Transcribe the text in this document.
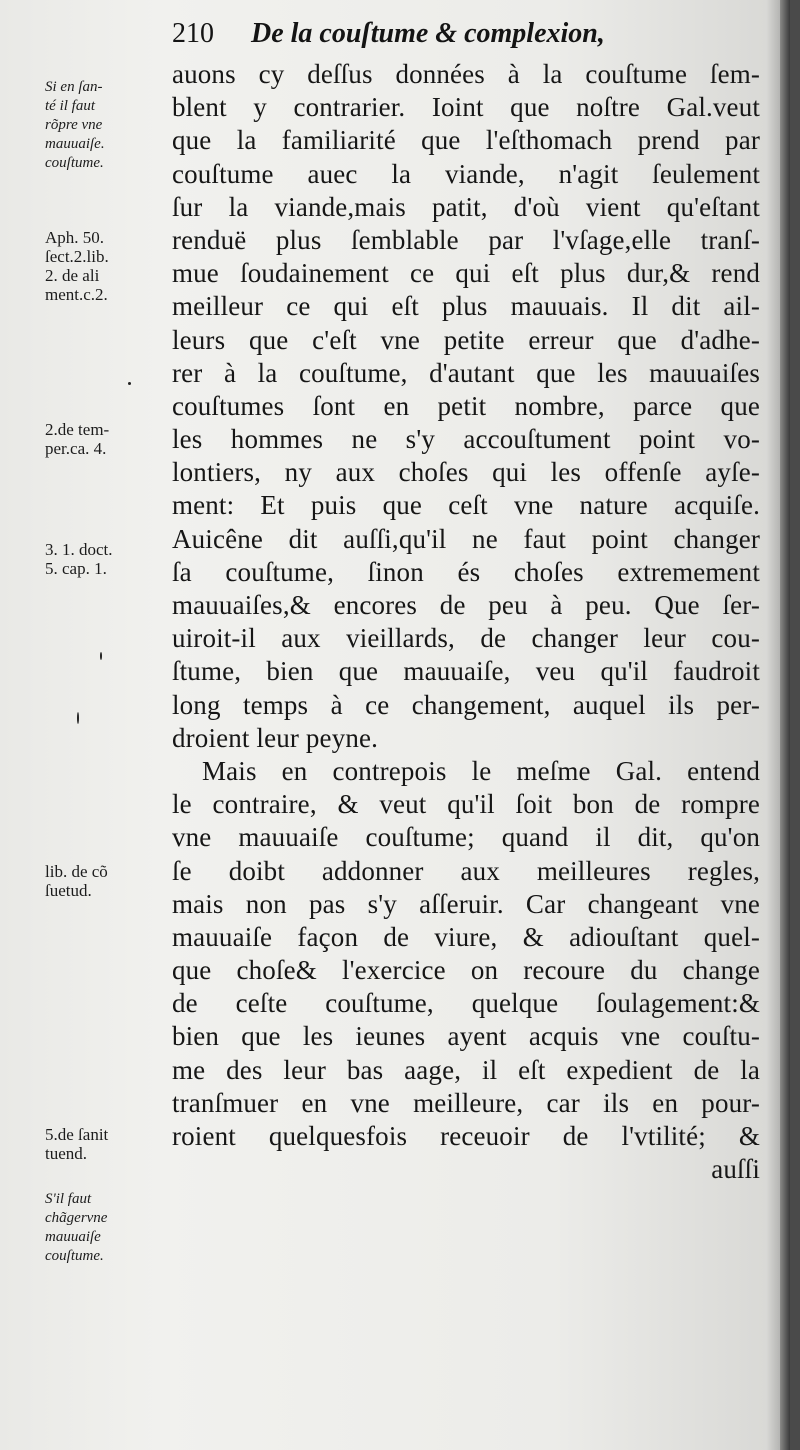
210 De la couſtume & complexion,
Si en ſan-
té il faut
rõpre vne
mauuaiſe.
couſtume.
Aph. 50.
ſect.2.lib.
2. de ali
ment.c.2.
2.de tem-
per.ca. 4.
3. 1. doct.
5. cap. 1.
lib. de cõ
ſuetud.
5.de ſanit
tuend.
S'il faut
chãgervne
mauuaiſe
couſtume.
auons cy deſſus données à la couſtume ſem-
blent y contrarier. Ioint que noſtre Gal.veut
que la familiarité que l'eſthomach prend par
couſtume auec la viande, n'agit ſeulement
ſur la viande,mais patit, d'où vient qu'eſtant
renduë plus ſemblable par l'vſage,elle tranſ-
mue ſoudainement ce qui eſt plus dur,& rend
meilleur ce qui eſt plus mauuais. Il dit ail-
leurs que c'eſt vne petite erreur que d'adhe-
rer à la couſtume, d'autant que les mauuaiſes
couſtumes ſont en petit nombre, parce que
les hommes ne s'y accouſtument point vo-
lontiers, ny aux choſes qui les offenſe ayſe-
ment: Et puis que ceſt vne nature acquiſe.
Auicêne dit auſſi,qu'il ne faut point changer
ſa couſtume, ſinon és choſes extremement
mauuaiſes,& encores de peu à peu. Que ſer-
uiroit-il aux vieillards, de changer leur cou-
ſtume, bien que mauuaiſe, veu qu'il faudroit
long temps à ce changement, auquel ils per-
droient leur peyne.
Mais en contrepois le meſme Gal. entend
le contraire, & veut qu'il ſoit bon de rompre
vne mauuaiſe couſtume; quand il dit, qu'on
ſe doibt addonner aux meilleures regles,
mais non pas s'y aſſeruir. Car changeant vne
mauuaiſe façon de viure, & adiouſtant quel-
que choſe& l'exercice on recoure du change
de ceſte couſtume, quelque ſoulagement:&
bien que les ieunes ayent acquis vne couſtu-
me des leur bas aage, il eſt expedient de la
tranſmuer en vne meilleure, car ils en pour-
roient quelquesfois receuoir de l'vtilité; &
auſſi
